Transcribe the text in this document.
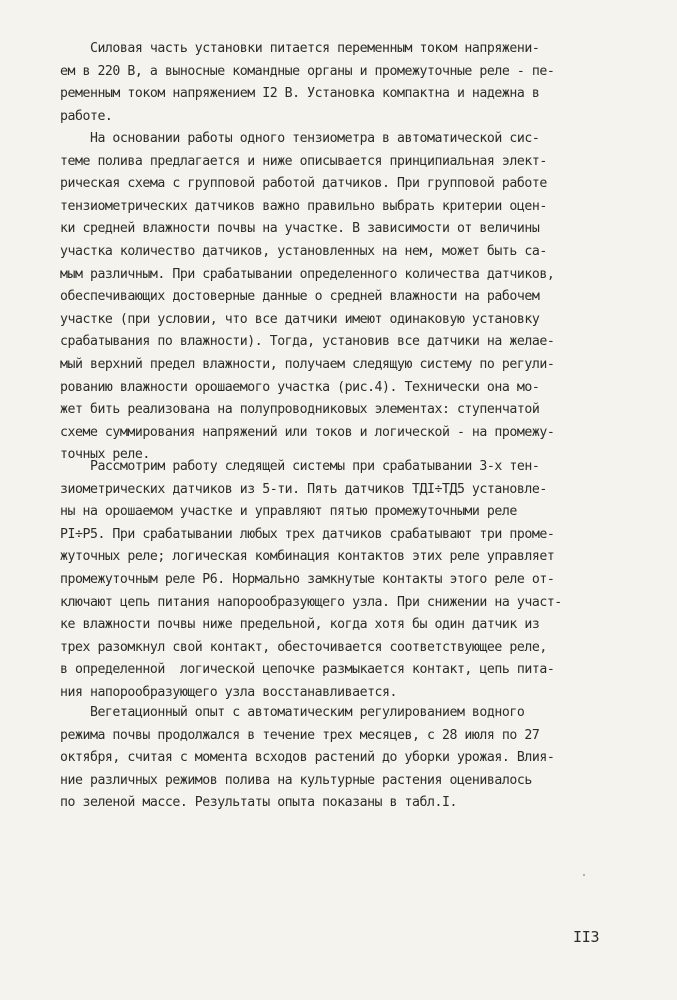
Силовая часть установки питается переменным током напряжени-
ем в 220 В, а выносные командные органы и промежуточные реле - пе-
ременным током напряжением I2 В. Установка компактна и надежна в
работе.
На основании работы одного тензиометра в автоматической сис-
теме полива предлагается и ниже описывается принципиальная элект-
рическая схема с групповой работой датчиков. При групповой работе
тензиометрических датчиков важно правильно выбрать критерии оцен-
ки средней влажности почвы на участке. В зависимости от величины
участка количество датчиков, установленных на нем, может быть са-
мым различным. При срабатывании определенного количества датчиков,
обеспечивающих достоверные данные о средней влажности на рабочем
участке (при условии, что все датчики имеют одинаковую установку
срабатывания по влажности). Тогда, установив все датчики на желае-
мый верхний предел влажности, получаем следящую систему по регули-
рованию влажности орошаемого участка (рис.4). Технически она мо-
жет бить реализована на полупроводниковых элементах: ступенчатой
схеме суммирования напряжений или токов и логической - на промежу-
точных реле.
Рассмотрим работу следящей системы при срабатывании 3-х тен-
зиометрических датчиков из 5-ти. Пять датчиков ТДI÷ТД5 установле-
ны на орошаемом участке и управляют пятью промежуточными реле
PI÷P5. При срабатывании любых трех датчиков срабатывают три проме-
жуточных реле; логическая комбинация контактов этих реле управляет
промежуточным реле Р6. Нормально замкнутые контакты этого реле от-
ключают цепь питания напорообразующего узла. При снижении на участ-
ке влажности почвы ниже предельной, когда хотя бы один датчик из
трех разомкнул свой контакт, обесточивается соответствующее реле,
в определенной  логической цепочке размыкается контакт, цепь пита-
ния напорообразующего узла восстанавливается.
Вегетационный опыт с автоматическим регулированием водного
режима почвы продолжался в течение трех месяцев, с 28 июля по 27
октября, считая с момента всходов растений до уборки урожая. Влия-
ние различных режимов полива на культурные растения оценивалось
по зеленой массе. Результаты опыта показаны в табл.I.
II3
